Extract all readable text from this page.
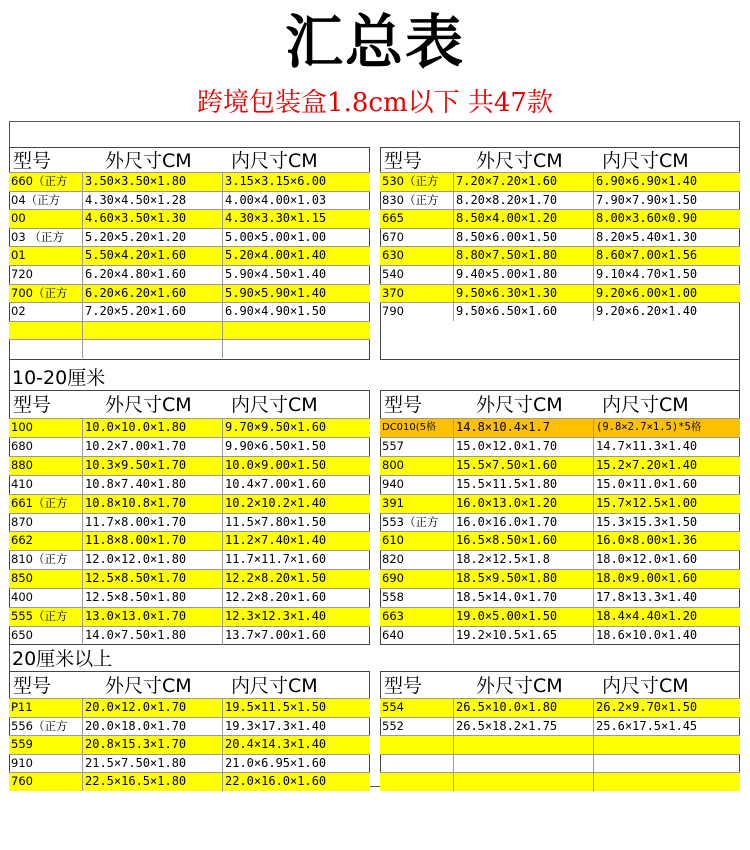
汇总表
跨境包装盒1.8cm以下 共47款
10-20厘米
20厘米以上
型号	外尺寸CM 内尺寸CM
660（正方	3.50×3.50×1.80	3.15×3.15×6.00
04（正方	4.30×4.50×1.28	4.00×4.00×1.03
00	4.60×3.50×1.30	4.30×3.30×1.15
03 （正方	5.20×5.20×1.20	5.00×5.00×1.00
01	5.50×4.20×1.60	5.20×4.00×1.40
720	6.20×4.80×1.60	5.90×4.50×1.40
700（正方	6.20×6.20×1.60	5.90×5.90×1.40
02	7.20×5.20×1.60	6.90×4.90×1.50
型号	外尺寸CM 内尺寸CM
530（正方	7.20×7.20×1.60	6.90×6.90×1.40
830（正方	8.20×8.20×1.70	7.90×7.90×1.50
665	8.50×4.00×1.20	8.00×3.60×0.90
670	8.50×6.00×1.50	8.20×5.40×1.30
630	8.80×7.50×1.80	8.60×7.00×1.56
540	9.40×5.00×1.80	9.10×4.70×1.50
370	9.50×6.30×1.30	9.20×6.00×1.00
790	9.50×6.50×1.60	9.20×6.20×1.40
型号	外尺寸CM 内尺寸CM
100	10.0×10.0×1.80	9.70×9.50×1.60
680	10.2×7.00×1.70	9.90×6.50×1.50
880	10.3×9.50×1.70	10.0×9.00×1.50
410	10.8×7.40×1.80	10.4×7.00×1.60
661（正方	10.8×10.8×1.70	10.2×10.2×1.40
870	11.7×8.00×1.70	11.5×7.80×1.50
662	11.8×8.00×1.70	11.2×7.40×1.40
810（正方	12.0×12.0×1.80	11.7×11.7×1.60
850	12.5×8.50×1.70	12.2×8.20×1.50
400	12.5×8.50×1.80	12.2×8.20×1.60
555（正方	13.0×13.0×1.70	12.3×12.3×1.40
650	14.0×7.50×1.80	13.7×7.00×1.60
型号	外尺寸CM 内尺寸CM
DC010(5格	14.8×10.4×1.7	(9.8×2.7×1.5)*5格
557	15.0×12.0×1.70	14.7×11.3×1.40
800	15.5×7.50×1.60	15.2×7.20×1.40
940	15.5×11.5×1.80	15.0×11.0×1.60
391	16.0×13.0×1.20	15.7×12.5×1.00
553（正方	16.0×16.0×1.70	15.3×15.3×1.50
610	16.5×8.50×1.60	16.0×8.00×1.36
820	18.2×12.5×1.8	18.0×12.0×1.60
690	18.5×9.50×1.80	18.0×9.00×1.60
558	18.5×14.0×1.70	17.8×13.3×1.40
663	19.0×5.00×1.50	18.4×4.40×1.20
640	19.2×10.5×1.65	18.6×10.0×1.40
型号	外尺寸CM 内尺寸CM
P11	20.0×12.0×1.70	19.5×11.5×1.50
556（正方	20.0×18.0×1.70	19.3×17.3×1.40
559	20.8×15.3×1.70	20.4×14.3×1.40
910	21.5×7.50×1.80	21.0×6.95×1.60
760	22.5×16.5×1.80	22.0×16.0×1.60
型号	外尺寸CM 内尺寸CM
554	26.5×10.0×1.80	26.2×9.70×1.50
552	26.5×18.2×1.75	25.6×17.5×1.45
